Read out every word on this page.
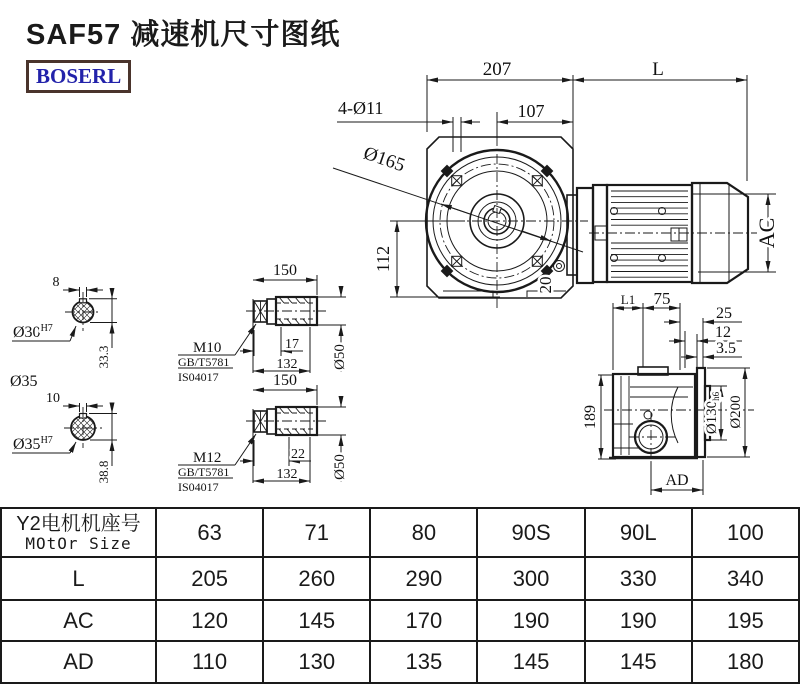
SAF57 减速机尺寸图纸
BOSERL	207	L
107
4-Ø11
Ø165
112
AC
20
L1 75
25
12
3.5
189	$Ø130_{h6}$ Ø200
AD
8
$Ø30^{H7}$
33.3
Ø35
10
$Ø35^{H7}$
38.8
150
M10
GB/T5781
IS04017
17
132 Ø50
150
M12
GB/T5781
IS04017
22
132 Ø50
Y2电机机座号
MOtOr Size	63	71	80	90S	90L	100
L	205	260	290	300	330	340
AC	120	145	170	190	190	195
AD	110	130	135	145	145	180
